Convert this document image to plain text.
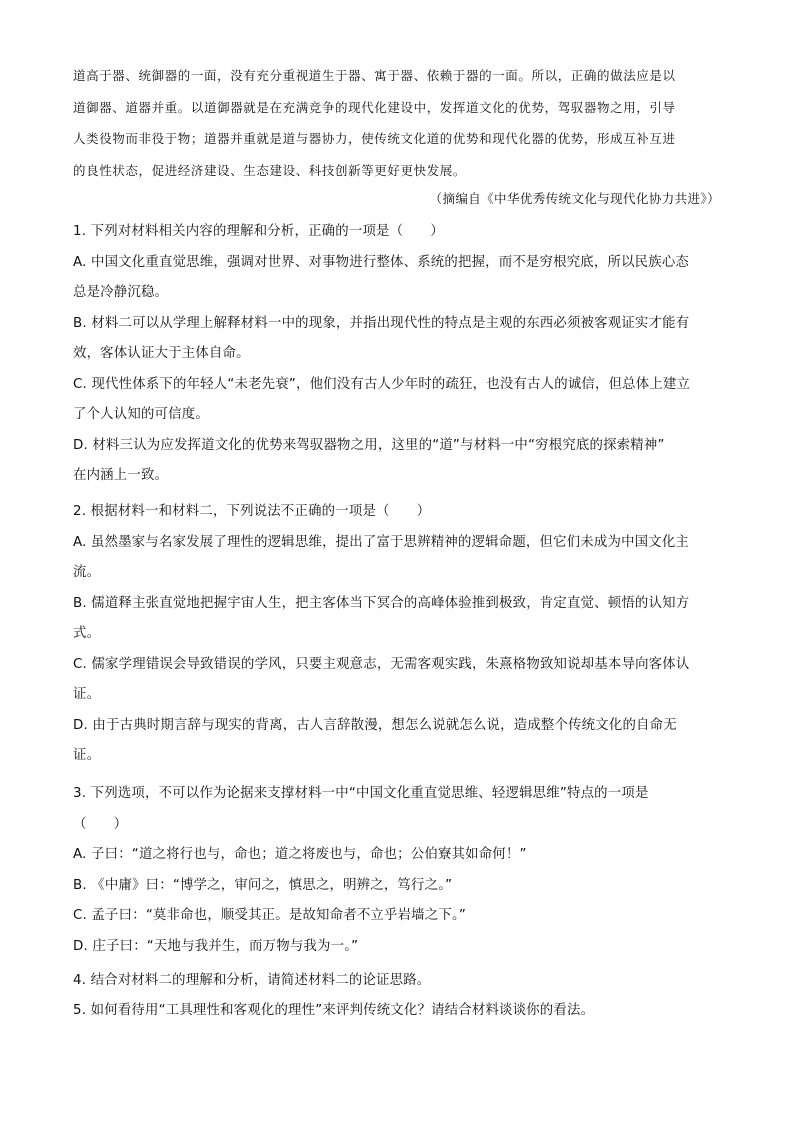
道高于器、统御器的一面，没有充分重视道生于器、寓于器、依赖于器的一面。所以，正确的做法应是以

道御器、道器并重。以道御器就是在充满竞争的现代化建设中，发挥道文化的优势，驾驭器物之用，引导

人类役物而非役于物；道器并重就是道与器协力，使传统文化道的优势和现代化器的优势，形成互补互进

的良性状态，促进经济建设、生态建设、科技创新等更好更快发展。

（摘编自《中华优秀传统文化与现代化协力共进》）

1. 下列对材料相关内容的理解和分析，正确的一项是（　　）

A. 中国文化重直觉思维，强调对世界、对事物进行整体、系统的把握，而不是穷根究底，所以民族心态

总是冷静沉稳。

B. 材料二可以从学理上解释材料一中的现象，并指出现代性的特点是主观的东西必须被客观证实才能有

效，客体认证大于主体自命。

C. 现代性体系下的年轻人“未老先衰”，他们没有古人少年时的疏狂，也没有古人的诚信，但总体上建立

了个人认知的可信度。

D. 材料三认为应发挥道文化的优势来驾驭器物之用，这里的“道”与材料一中“穷根究底的探索精神”

在内涵上一致。

2. 根据材料一和材料二，下列说法不正确的一项是（　　）

A. 虽然墨家与名家发展了理性的逻辑思维，提出了富于思辨精神的逻辑命题，但它们未成为中国文化主

流。

B. 儒道释主张直觉地把握宇宙人生，把主客体当下冥合的高峰体验推到极致，肯定直觉、顿悟的认知方

式。

C. 儒家学理错误会导致错误的学风，只要主观意志，无需客观实践，朱熹格物致知说却基本导向客体认

证。

D. 由于古典时期言辞与现实的背离，古人言辞散漫，想怎么说就怎么说，造成整个传统文化的自命无

证。

3. 下列选项，不可以作为论据来支撑材料一中“中国文化重直觉思维、轻逻辑思维”特点的一项是

（　　）

A. 子曰：“道之将行也与，命也；道之将废也与，命也；公伯寮其如命何！”

B. 《中庸》曰：“博学之，审问之，慎思之，明辨之，笃行之。”

C. 孟子曰：“莫非命也，顺受其正。是故知命者不立乎岩墙之下。”

D. 庄子曰：“天地与我并生，而万物与我为一。”

4. 结合对材料二的理解和分析，请简述材料二的论证思路。

5. 如何看待用“工具理性和客观化的理性”来评判传统文化？请结合材料谈谈你的看法。
